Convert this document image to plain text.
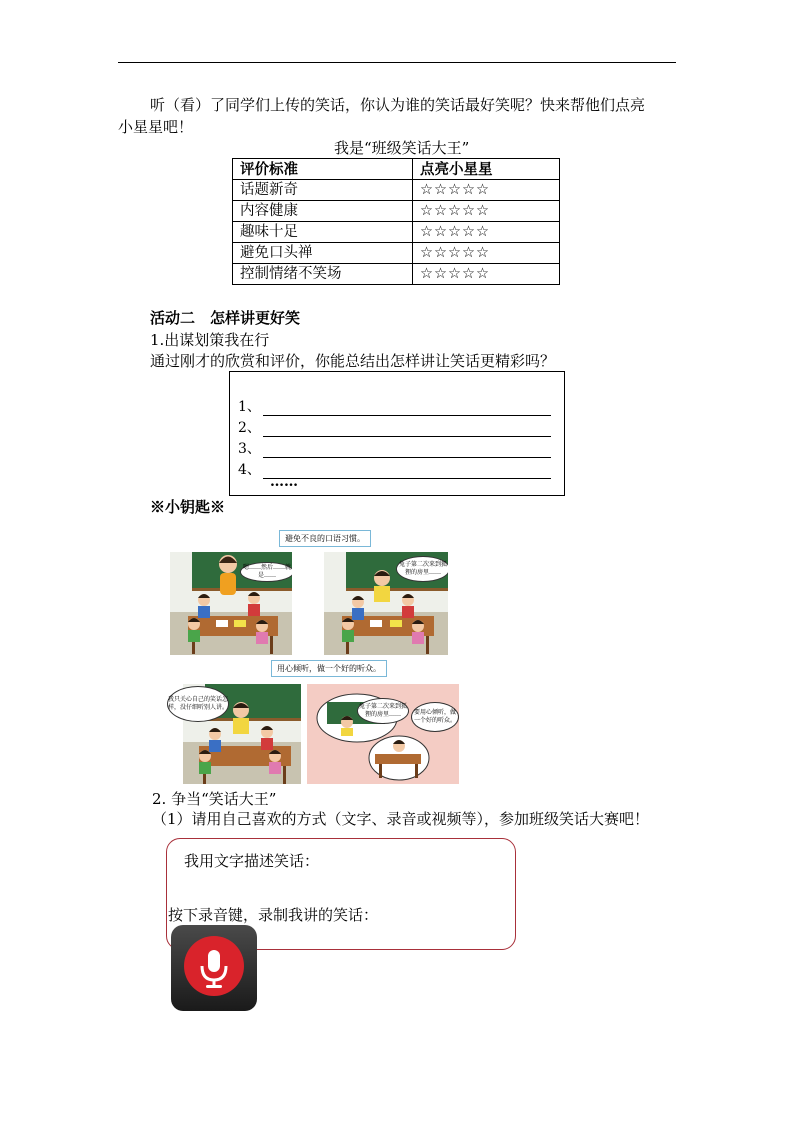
听（看）了同学们上传的笑话，你认为谁的笑话最好笑呢？快来帮他们点亮
小星星吧！
我是“班级笑话大王”
评价标准	点亮小星星
话题新奇	☆☆☆☆☆
内容健康	☆☆☆☆☆
趣味十足	☆☆☆☆☆
避免口头禅	☆☆☆☆☆
控制情绪不笑场	☆☆☆☆☆
活动二　怎样讲更好笑
1.出谋划策我在行
通过刚才的欣赏和评价，你能总结出怎样讲让笑话更精彩吗？
1、
2、
3、
4、
……
※小钥匙※
避免不良的口语习惯。
嗯……然后……就是……
兔子第二次来到狐狸的房里……
用心倾听，做一个好的听众。
我只关心自己的笑话怎样，没仔细听别人讲。	兔子第二次来到狐狸的房里……	要用心倾听，做一个好的听众。
2. 争当“笑话大王”
（1）请用自己喜欢的方式（文字、录音或视频等），参加班级笑话大赛吧！
我用文字描述笑话：
按下录音键，录制我讲的笑话：
